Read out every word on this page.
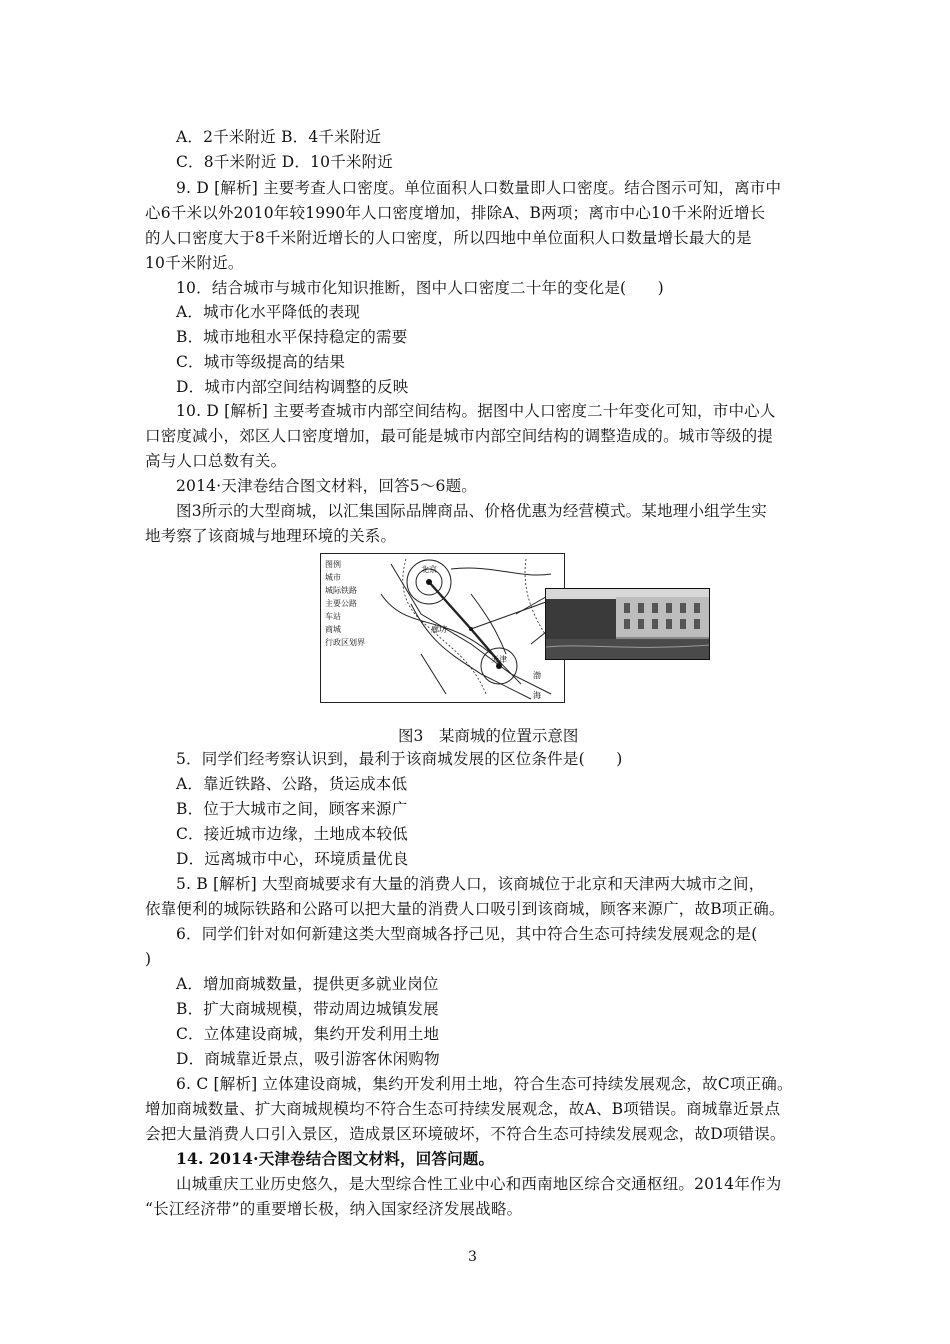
A．2千米附近 B．4千米附近
C．8千米附近 D．10千米附近
9. D [解析] 主要考查人口密度。单位面积人口数量即人口密度。结合图示可知，离市中
心6千米以外2010年较1990年人口密度增加，排除A、B两项；离市中心10千米附近增长
的人口密度大于8千米附近增长的人口密度，所以四地中单位面积人口数量增长最大的是
10千米附近。
10．结合城市与城市化知识推断，图中人口密度二十年的变化是(　　)
A．城市化水平降低的表现
B．城市地租水平保持稳定的需要
C．城市等级提高的结果
D．城市内部空间结构调整的反映
10. D [解析] 主要考查城市内部空间结构。据图中人口密度二十年变化可知，市中心人
口密度减小，郊区人口密度增加，最可能是城市内部空间结构的调整造成的。城市等级的提
高与人口总数有关。
2014·天津卷结合图文材料，回答5～6题。
图3所示的大型商城，以汇集国际品牌商品、价格优惠为经营模式。某地理小组学生实
地考察了该商城与地理环境的关系。
北京
廊坊
天津
渤
海
图例
城市
城际铁路
主要公路
车站
商城
行政区划界
图3　某商城的位置示意图
5．同学们经考察认识到，最利于该商城发展的区位条件是(　　)
A．靠近铁路、公路，货运成本低
B．位于大城市之间，顾客来源广
C．接近城市边缘，土地成本较低
D．远离城市中心，环境质量优良
5. B [解析] 大型商城要求有大量的消费人口，该商城位于北京和天津两大城市之间，
依靠便利的城际铁路和公路可以把大量的消费人口吸引到该商城，顾客来源广，故B项正确。
6．同学们针对如何新建这类大型商城各抒己见，其中符合生态可持续发展观念的是(
)
A．增加商城数量，提供更多就业岗位
B．扩大商城规模，带动周边城镇发展
C．立体建设商城，集约开发利用土地
D．商城靠近景点，吸引游客休闲购物
6. C [解析] 立体建设商城，集约开发利用土地，符合生态可持续发展观念，故C项正确。
增加商城数量、扩大商城规模均不符合生态可持续发展观念，故A、B项错误。商城靠近景点
会把大量消费人口引入景区，造成景区环境破坏，不符合生态可持续发展观念，故D项错误。
14. 2014·天津卷结合图文材料，回答问题。
山城重庆工业历史悠久，是大型综合性工业中心和西南地区综合交通枢纽。2014年作为
“长江经济带”的重要增长极，纳入国家经济发展战略。
3
